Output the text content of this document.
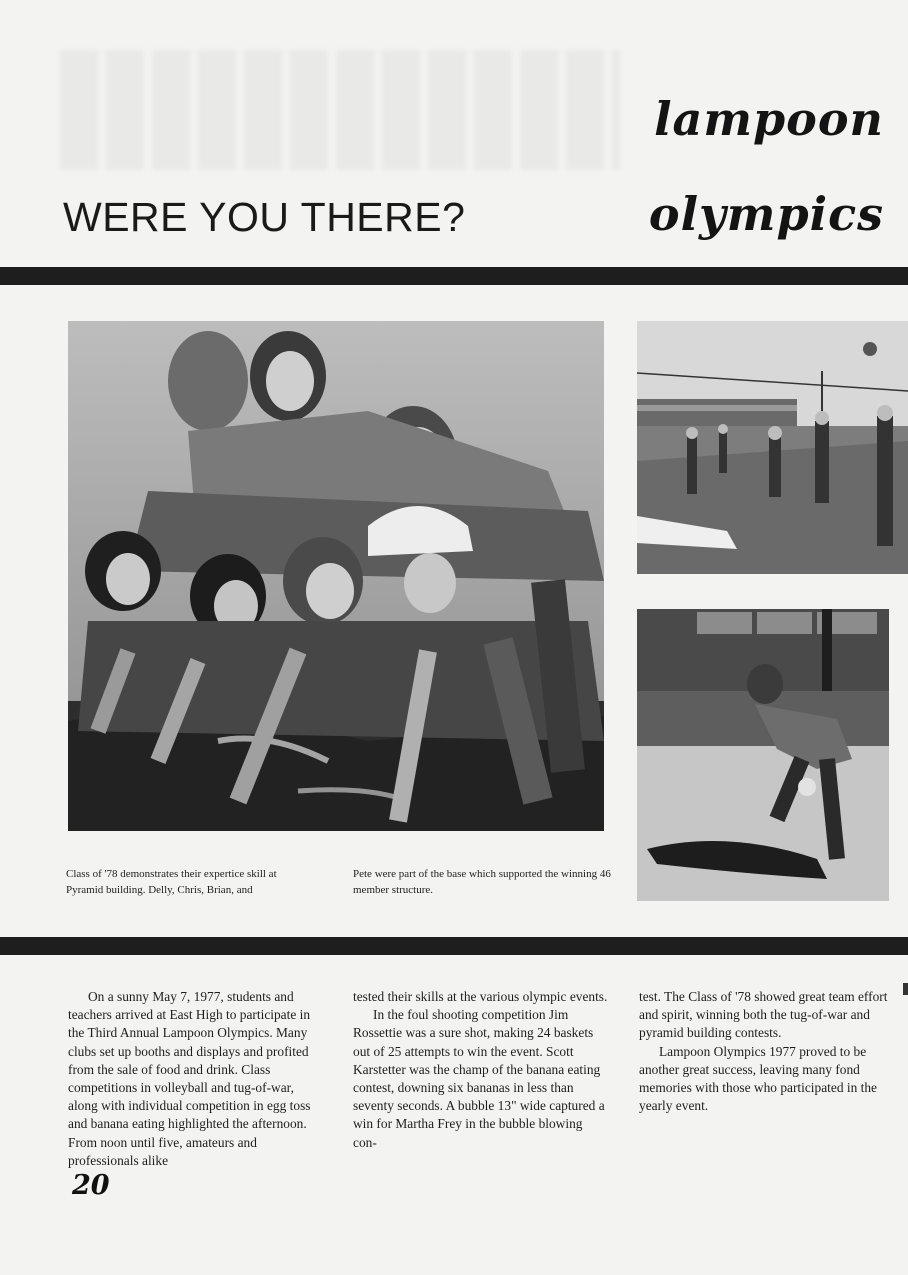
WERE YOU THERE?
lampoon
olympics
Class of '78 demonstrates their expertice skill at Pyramid building. Delly, Chris, Brian, and
Pete were part of the base which supported the winning 46 member structure.

On a sunny May 7, 1977, students and teachers arrived at East High to participate in the Third Annual Lampoon Olympics. Many clubs set up booths and displays and profited from the sale of food and drink. Class competitions in volleyball and tug-of-war, along with individual competition in egg toss and banana eating highlighted the afternoon. From noon until five, amateurs and professionals alike

tested their skills at the various olympic events.

In the foul shooting competition Jim Rossettie was a sure shot, making 24 baskets out of 25 attempts to win the event. Scott Karstetter was the champ of the banana eating contest, downing six bananas in less than seventy seconds. A bubble 13" wide captured a win for Martha Frey in the bubble blowing con-

test. The Class of '78 showed great team effort and spirit, winning both the tug-of-war and pyramid building contests.

Lampoon Olympics 1977 proved to be another great success, leaving many fond memories with those who participated in the yearly event.

20
